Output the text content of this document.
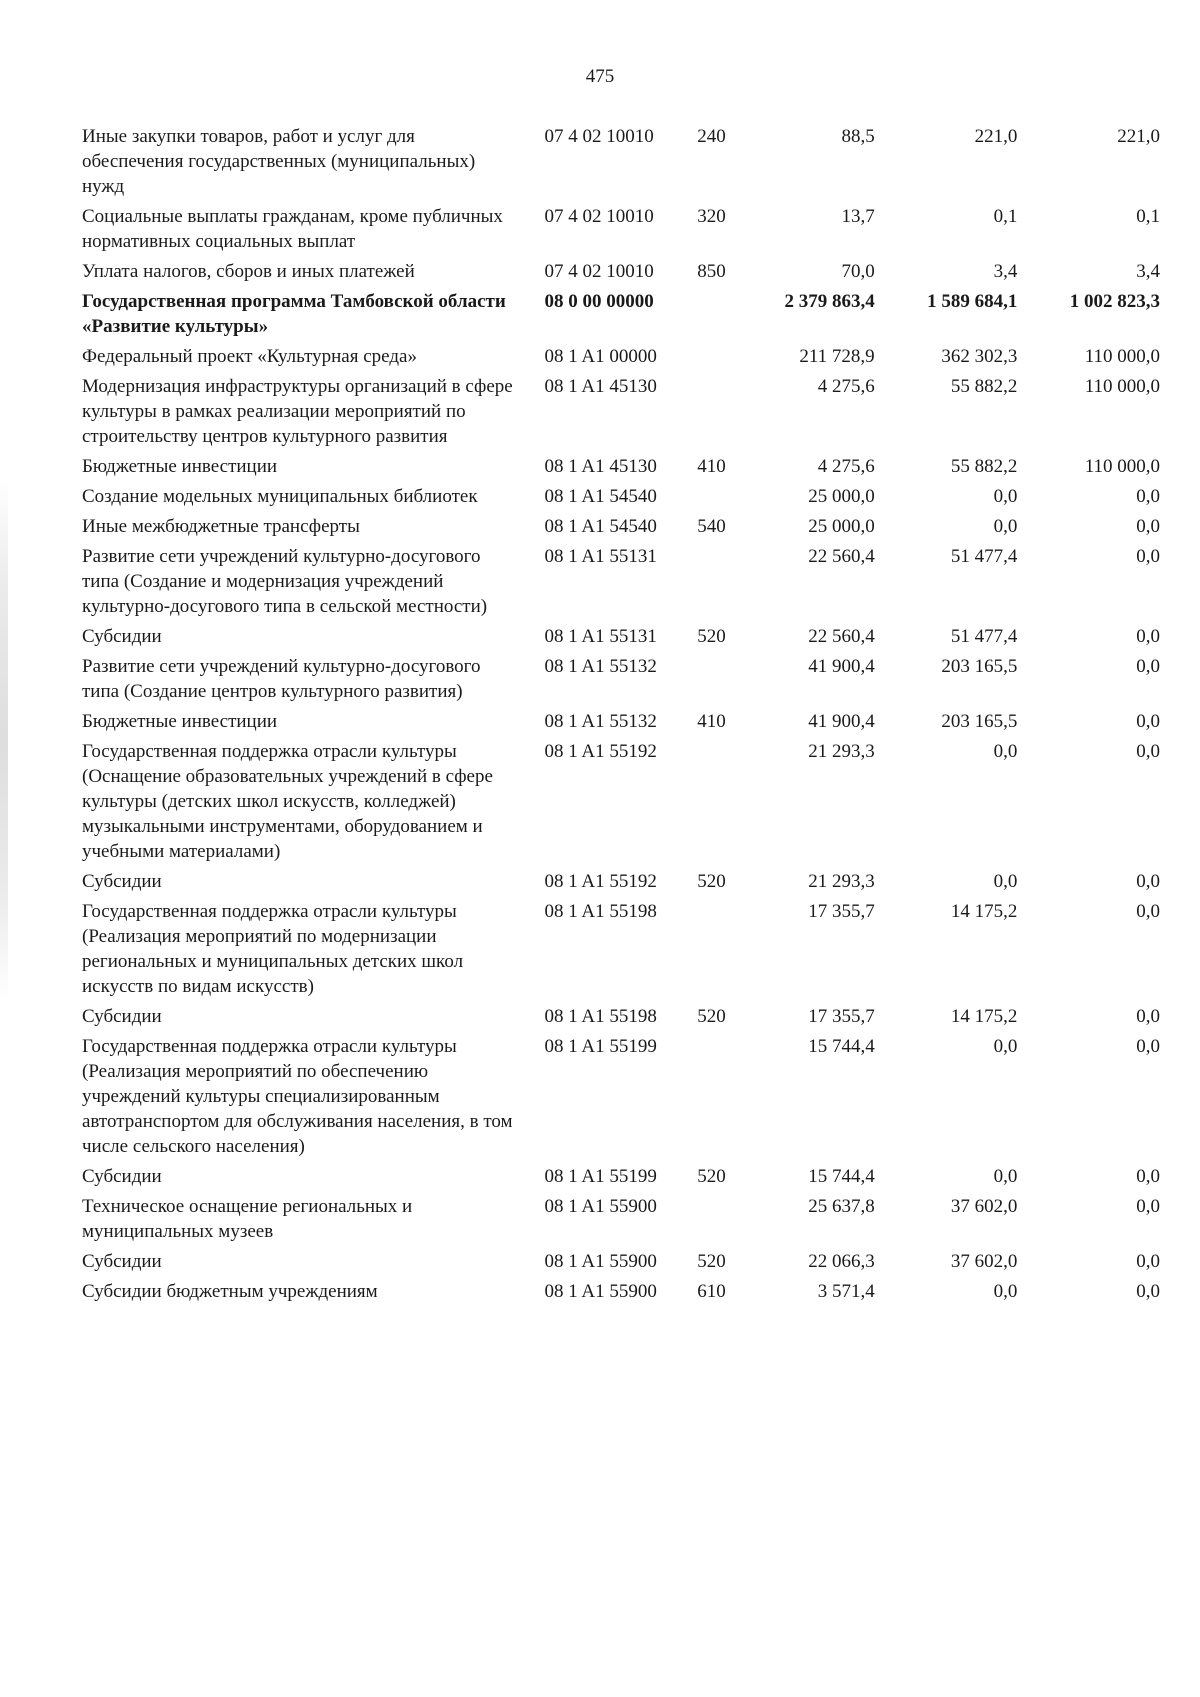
475
Иные закупки товаров, работ и услуг для обеспечения государственных (муниципальных) нужд	07 4 02 10010	240	88,5	221,0	221,0

Социальные выплаты гражданам, кроме публичных нормативных социальных выплат	07 4 02 10010	320	13,7	0,1	0,1

Уплата налогов, сборов и иных платежей	07 4 02 10010	850	70,0	3,4	3,4

Государственная программа Тамбовской области «Развитие культуры»	08 0 00 00000		2 379 863,4	1 589 684,1	1 002 823,3

Федеральный проект «Культурная среда»	08 1 A1 00000		211 728,9	362 302,3	110 000,0

Модернизация инфраструктуры организаций в сфере культуры в рамках реализации мероприятий по строительству центров культурного развития	08 1 A1 45130		4 275,6	55 882,2	110 000,0

Бюджетные инвестиции	08 1 A1 45130	410	4 275,6	55 882,2	110 000,0

Создание модельных муниципальных библиотек	08 1 A1 54540		25 000,0	0,0	0,0

Иные межбюджетные трансферты	08 1 A1 54540	540	25 000,0	0,0	0,0

Развитие сети учреждений культурно-досугового типа (Создание и модернизация учреждений культурно-досугового типа в сельской местности)	08 1 A1 55131		22 560,4	51 477,4	0,0

Субсидии	08 1 A1 55131	520	22 560,4	51 477,4	0,0

Развитие сети учреждений культурно-досугового типа (Создание центров культурного развития)	08 1 A1 55132		41 900,4	203 165,5	0,0

Бюджетные инвестиции	08 1 A1 55132	410	41 900,4	203 165,5	0,0

Государственная поддержка отрасли культуры (Оснащение образовательных учреждений в сфере культуры (детских школ искусств, колледжей) музыкальными инструментами, оборудованием и учебными материалами)	08 1 A1 55192		21 293,3	0,0	0,0

Субсидии	08 1 A1 55192	520	21 293,3	0,0	0,0

Государственная поддержка отрасли культуры (Реализация мероприятий по модернизации региональных и муниципальных детских школ искусств по видам искусств)	08 1 A1 55198		17 355,7	14 175,2	0,0

Субсидии	08 1 A1 55198	520	17 355,7	14 175,2	0,0

Государственная поддержка отрасли культуры (Реализация мероприятий по обеспечению учреждений культуры специализированным автотранспортом для обслуживания населения, в том числе сельского населения)	08 1 A1 55199		15 744,4	0,0	0,0

Субсидии	08 1 A1 55199	520	15 744,4	0,0	0,0

Техническое оснащение региональных и муниципальных музеев	08 1 A1 55900		25 637,8	37 602,0	0,0

Субсидии	08 1 A1 55900	520	22 066,3	37 602,0	0,0

Субсидии бюджетным учреждениям	08 1 A1 55900	610	3 571,4	0,0	0,0
